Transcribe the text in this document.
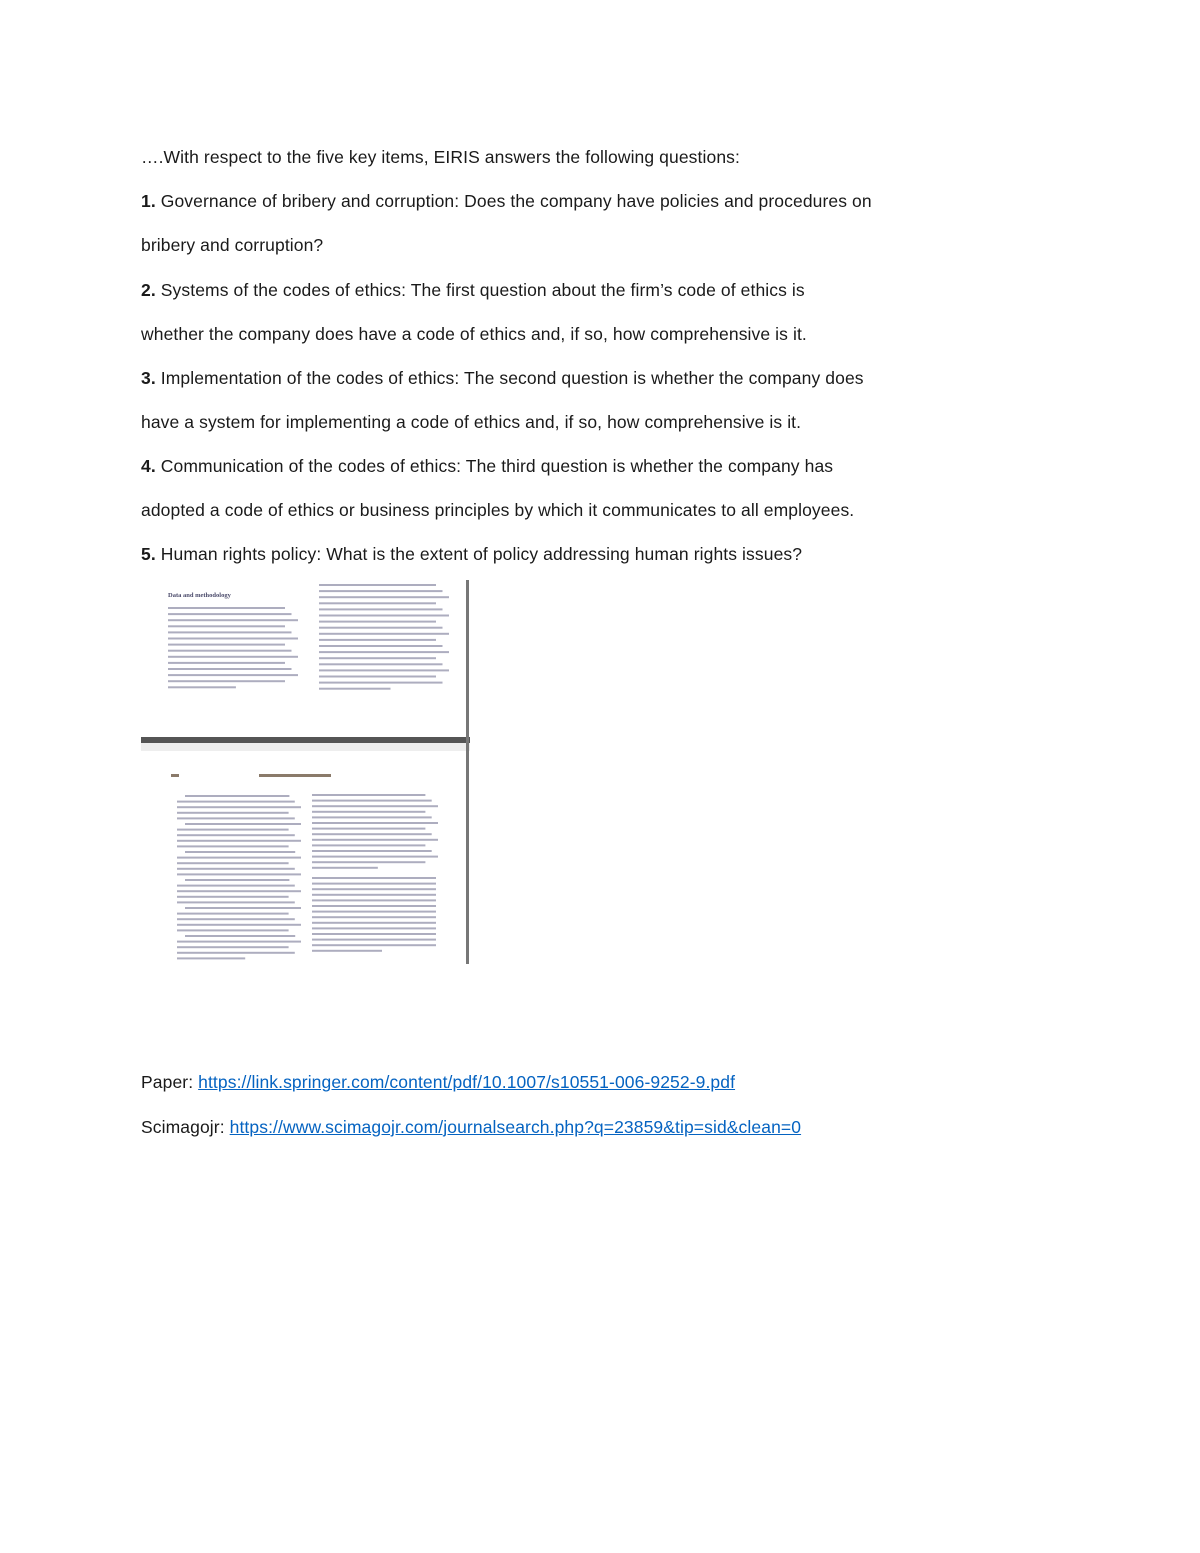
….With respect to the five key items, EIRIS answers the following questions:
1. Governance of bribery and corruption: Does the company have policies and procedures on
bribery and corruption?
2. Systems of the codes of ethics: The first question about the firm’s code of ethics is
whether the company does have a code of ethics and, if so, how comprehensive is it.
3. Implementation of the codes of ethics: The second question is whether the company does
have a system for implementing a code of ethics and, if so, how comprehensive is it.
4. Communication of the codes of ethics: The third question is whether the company has
adopted a code of ethics or business principles by which it communicates to all employees.
5. Human rights policy: What is the extent of policy addressing human rights issues?
Data and methodology
Paper: https://link.springer.com/content/pdf/10.1007/s10551-006-9252-9.pdf
Scimagojr: https://www.scimagojr.com/journalsearch.php?q=23859&tip=sid&clean=0
